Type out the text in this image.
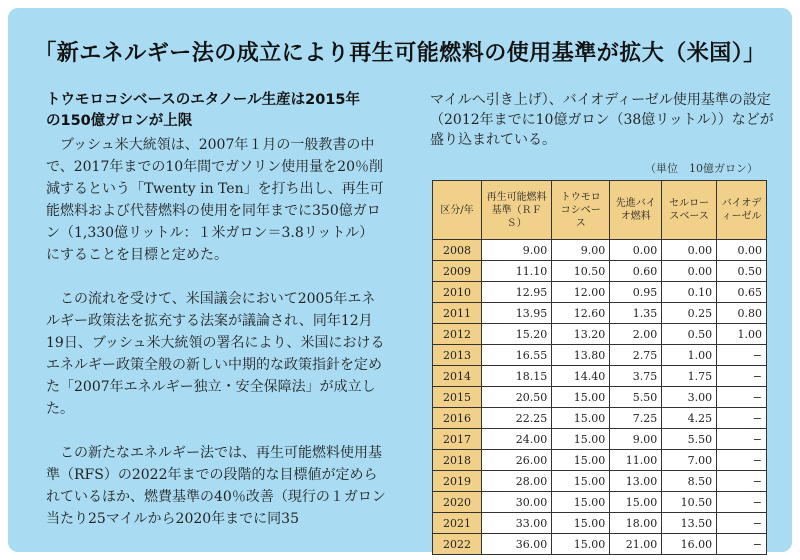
「新エネルギー法の成立により再生可能燃料の使用基準が拡大（米国）」
トウモロコシベースのエタノール生産は2015年
の150億ガロンが上限

　ブッシュ米大統領は、2007年１月の一般教書の中で、2017年までの10年間でガソリン使用量を20％削減するという「Twenty in Ten」を打ち出し、再生可能燃料および代替燃料の使用を同年までに350億ガロン（1,330億リットル：１米ガロン＝3.8リットル）にすることを目標と定めた。

　この流れを受けて、米国議会において2005年エネルギー政策法を拡充する法案が議論され、同年12月19日、ブッシュ米大統領の署名により、米国におけるエネルギー政策全般の新しい中期的な政策指針を定めた「2007年エネルギー独立・安全保障法」が成立した。

　この新たなエネルギー法では、再生可能燃料使用基準（RFS）の2022年までの段階的な目標値が定められているほか、燃費基準の40％改善（現行の１ガロン当たり25マイルから2020年までに同35

マイルへ引き上げ）、バイオディーゼル使用基準の設定（2012年までに10億ガロン（38億リットル））などが盛り込まれている。

（単位　10億ガロン）
区分/年	再生可能燃料基準（ＲＦＳ）	トウモロコシベース	先進バイオ燃料	セルロースベース	バイオディーゼル
2008	9.00	9.00	0.00	0.00	0.00
2009	11.10	10.50	0.60	0.00	0.50
2010	12.95	12.00	0.95	0.10	0.65
2011	13.95	12.60	1.35	0.25	0.80
2012	15.20	13.20	2.00	0.50	1.00
2013	16.55	13.80	2.75	1.00	−
2014	18.15	14.40	3.75	1.75	−
2015	20.50	15.00	5.50	3.00	−
2016	22.25	15.00	7.25	4.25	−
2017	24.00	15.00	9.00	5.50	−
2018	26.00	15.00	11.00	7.00	−
2019	28.00	15.00	13.00	8.50	−
2020	30.00	15.00	15.00	10.50	−
2021	33.00	15.00	18.00	13.50	−
2022	36.00	15.00	21.00	16.00	−
